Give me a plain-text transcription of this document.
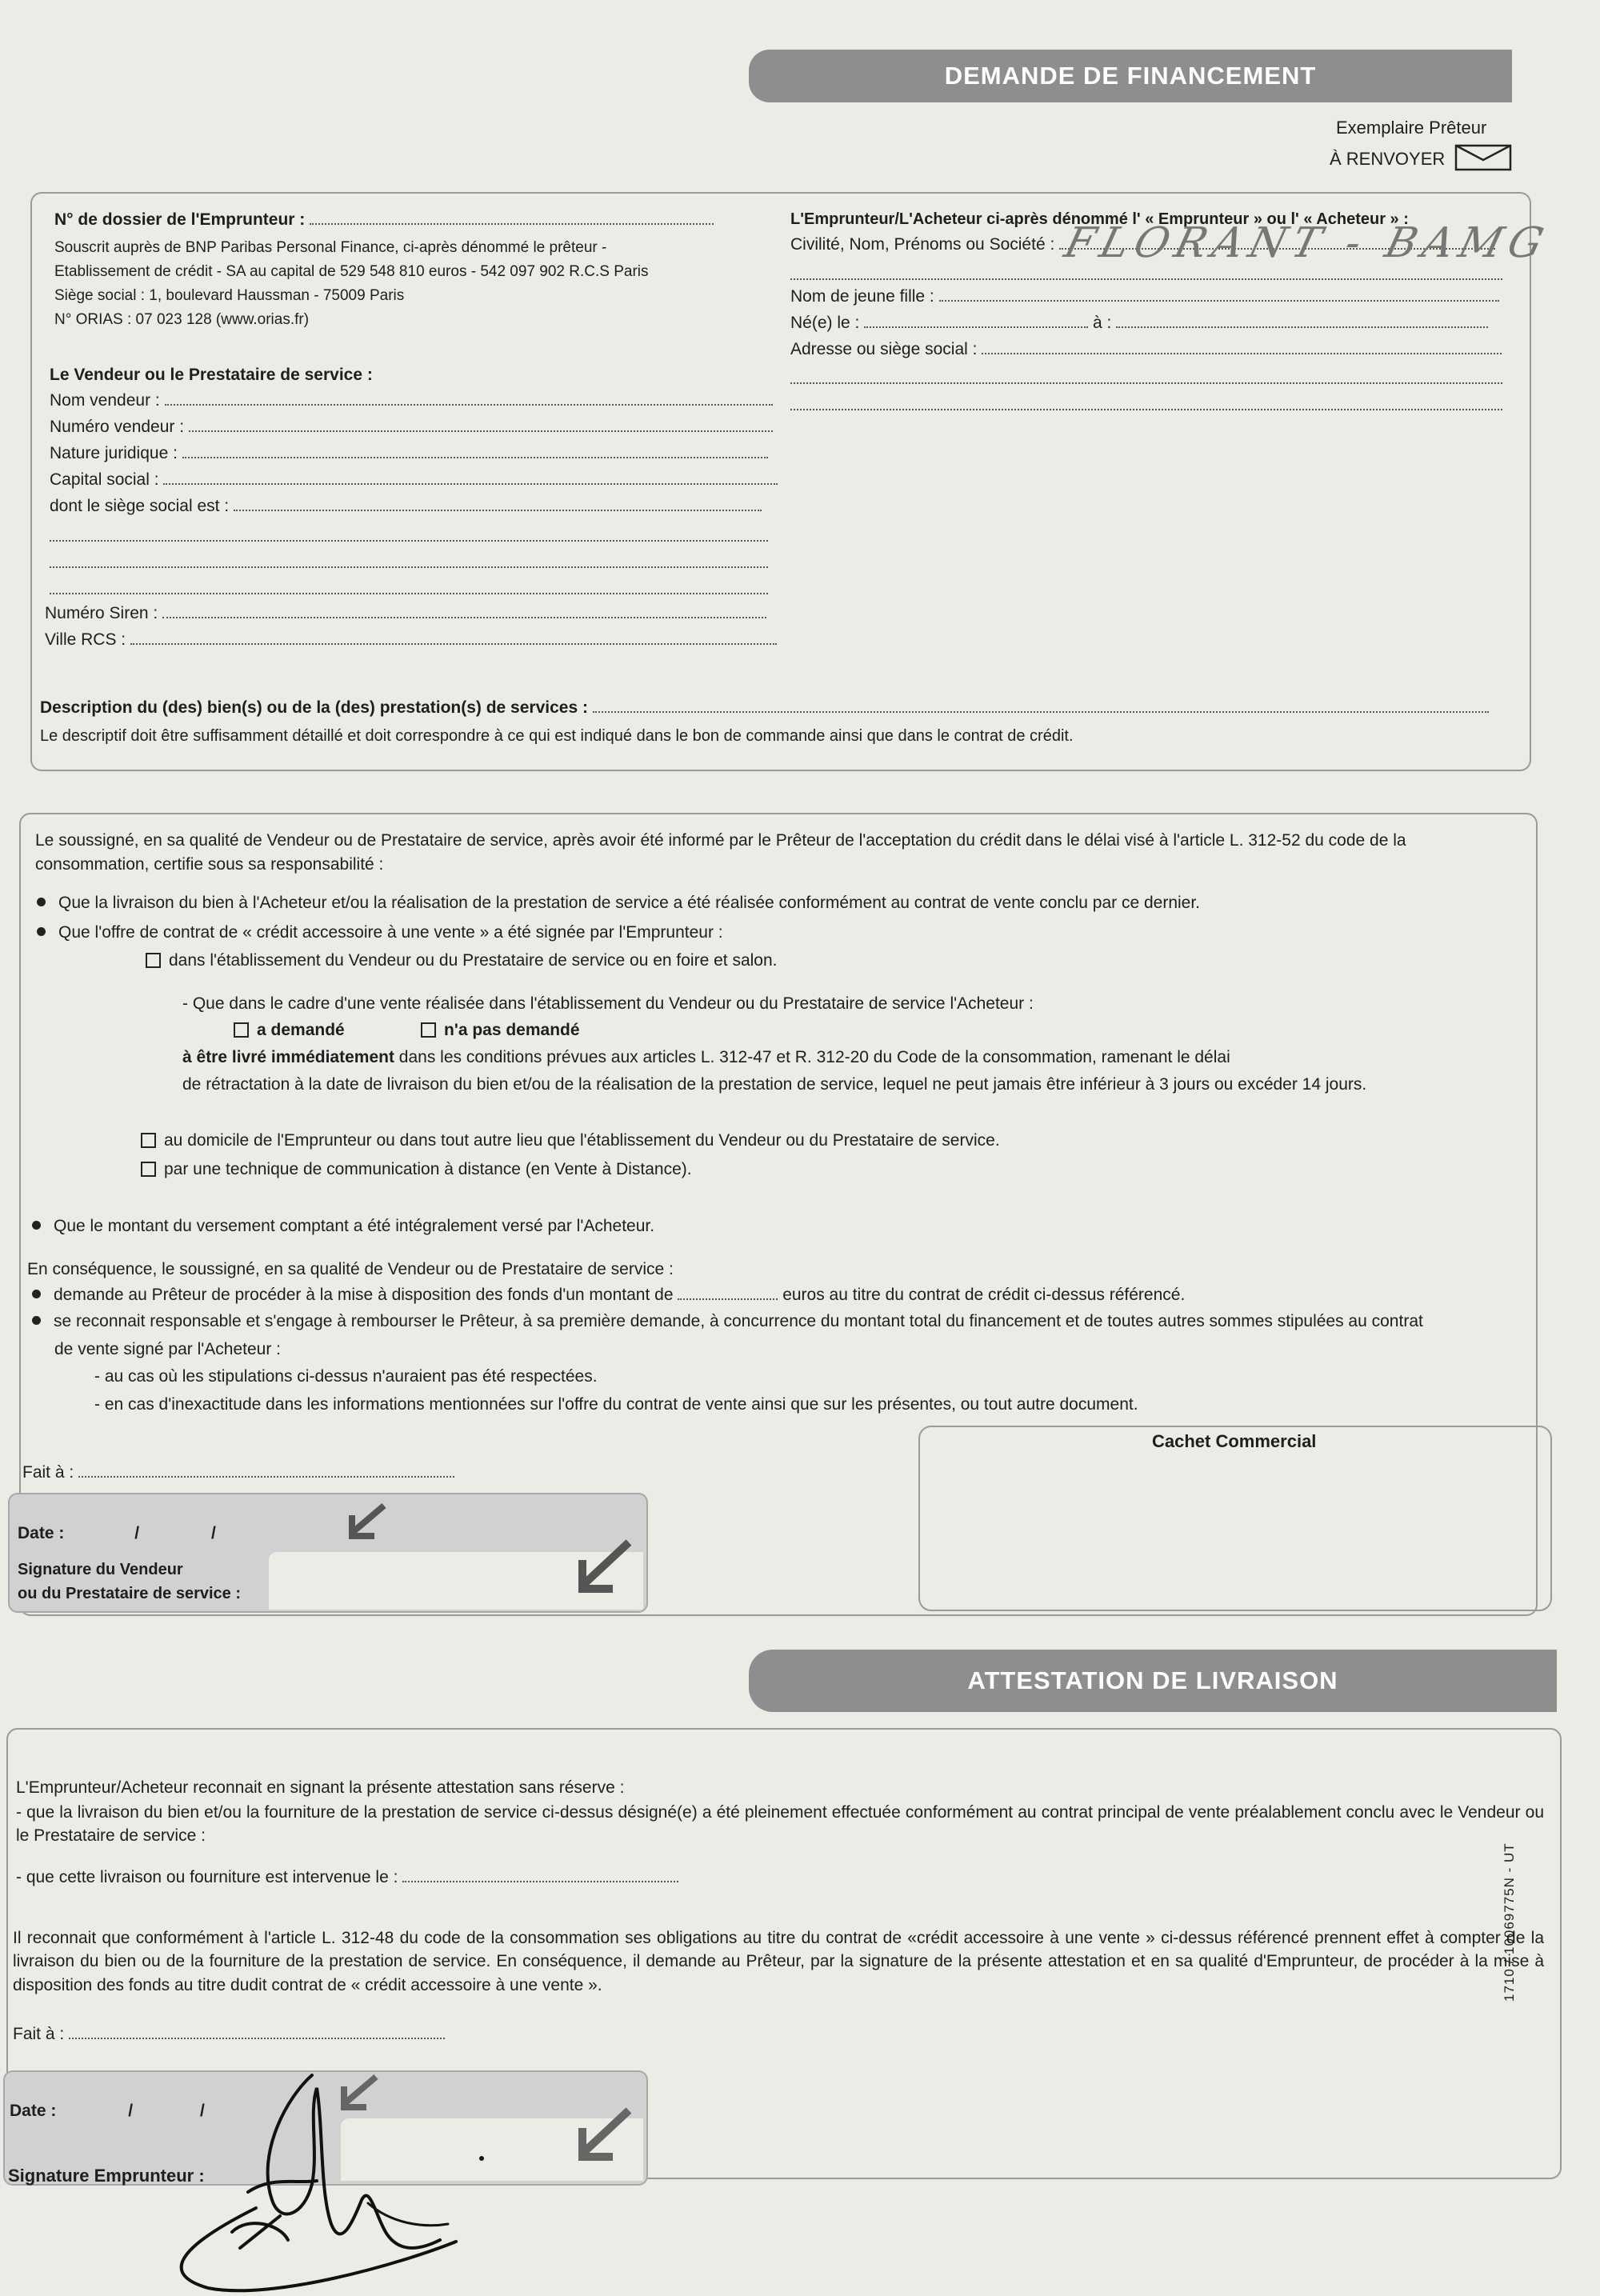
DEMANDE DE FINANCEMENT
Exemplaire Prêteur
À RENVOYER
N° de dossier de l'Emprunteur :
Souscrit auprès de BNP Paribas Personal Finance, ci-après dénommé le prêteur -
Etablissement de crédit - SA au capital de 529 548 810 euros - 542 097 902 R.C.S Paris
Siège social : 1, boulevard Haussman - 75009 Paris
N° ORIAS : 07 023 128 (www.orias.fr)
Le Vendeur ou le Prestataire de service :
Nom vendeur :
Numéro vendeur :
Nature juridique :
Capital social :
dont le siège social est :
Numéro Siren :
Ville RCS :
L'Emprunteur/L'Acheteur ci-après dénommé l' « Emprunteur » ou l' « Acheteur » :
Civilité, Nom, Prénoms ou Société : FLORANT - BAMG
Nom de jeune fille :
Né(e) le :	à :
Adresse ou siège social :
Description du (des) bien(s) ou de la (des) prestation(s) de services :
Le descriptif doit être suffisamment détaillé et doit correspondre à ce qui est indiqué dans le bon de commande ainsi que dans le contrat de crédit.
Le soussigné, en sa qualité de Vendeur ou de Prestataire de service, après avoir été informé par le Prêteur de l'acceptation du crédit dans le délai visé à l'article L. 312-52 du code de la consommation, certifie sous sa responsabilité :
Que la livraison du bien à l'Acheteur et/ou la réalisation de la prestation de service a été réalisée conformément au contrat de vente conclu par ce dernier.
Que l'offre de contrat de « crédit accessoire à une vente » a été signée par l'Emprunteur :
dans l'établissement du Vendeur ou du Prestataire de service ou en foire et salon.
- Que dans le cadre d'une vente réalisée dans l'établissement du Vendeur ou du Prestataire de service l'Acheteur :
a demandé	n'a pas demandé
à être livré immédiatement dans les conditions prévues aux articles L. 312-47 et R. 312-20 du Code de la consommation, ramenant le délai
de rétractation à la date de livraison du bien et/ou de la réalisation de la prestation de service, lequel ne peut jamais être inférieur à 3 jours ou excéder 14 jours.
au domicile de l'Emprunteur ou dans tout autre lieu que l'établissement du Vendeur ou du Prestataire de service.
par une technique de communication à distance (en Vente à Distance).
Que le montant du versement comptant a été intégralement versé par l'Acheteur.
En conséquence, le soussigné, en sa qualité de Vendeur ou de Prestataire de service :
demande au Prêteur de procéder à la mise à disposition des fonds d'un montant de	euros au titre du contrat de crédit ci-dessus référencé.
se reconnait responsable et s'engage à rembourser le Prêteur, à sa première demande, à concurrence du montant total du financement et de toutes autres sommes stipulées au contrat
de vente signé par l'Acheteur :
- au cas où les stipulations ci-dessus n'auraient pas été respectées.
- en cas d'inexactitude dans les informations mentionnées sur l'offre du contrat de vente ainsi que sur les présentes, ou tout autre document.
Fait à :
Date :	/	/
Signature du Vendeur
ou du Prestataire de service :
Cachet Commercial
ATTESTATION DE LIVRAISON
L'Emprunteur/Acheteur reconnait en signant la présente attestation sans réserve :
- que la livraison du bien et/ou la fourniture de la prestation de service ci-dessus désigné(e) a été pleinement effectuée conformément au contrat principal de vente préalablement conclu avec le Vendeur ou le Prestataire de service :
- que cette livraison ou fourniture est intervenue le :
Il reconnait que conformément à l'article L. 312-48 du code de la consommation ses obligations au titre du contrat de «crédit accessoire à une vente » ci-dessus référencé prennent effet à compter de la livraison du bien ou de la fourniture de la prestation de service. En conséquence, il demande au Prêteur, par la signature de la présente attestation et en sa qualité d'Emprunteur, de procéder à la mise à disposition des fonds au titre dudit contrat de « crédit accessoire à une vente ».
Fait à :
Date :	/	/
Signature Emprunteur :
1710 / 10069775N - UT
